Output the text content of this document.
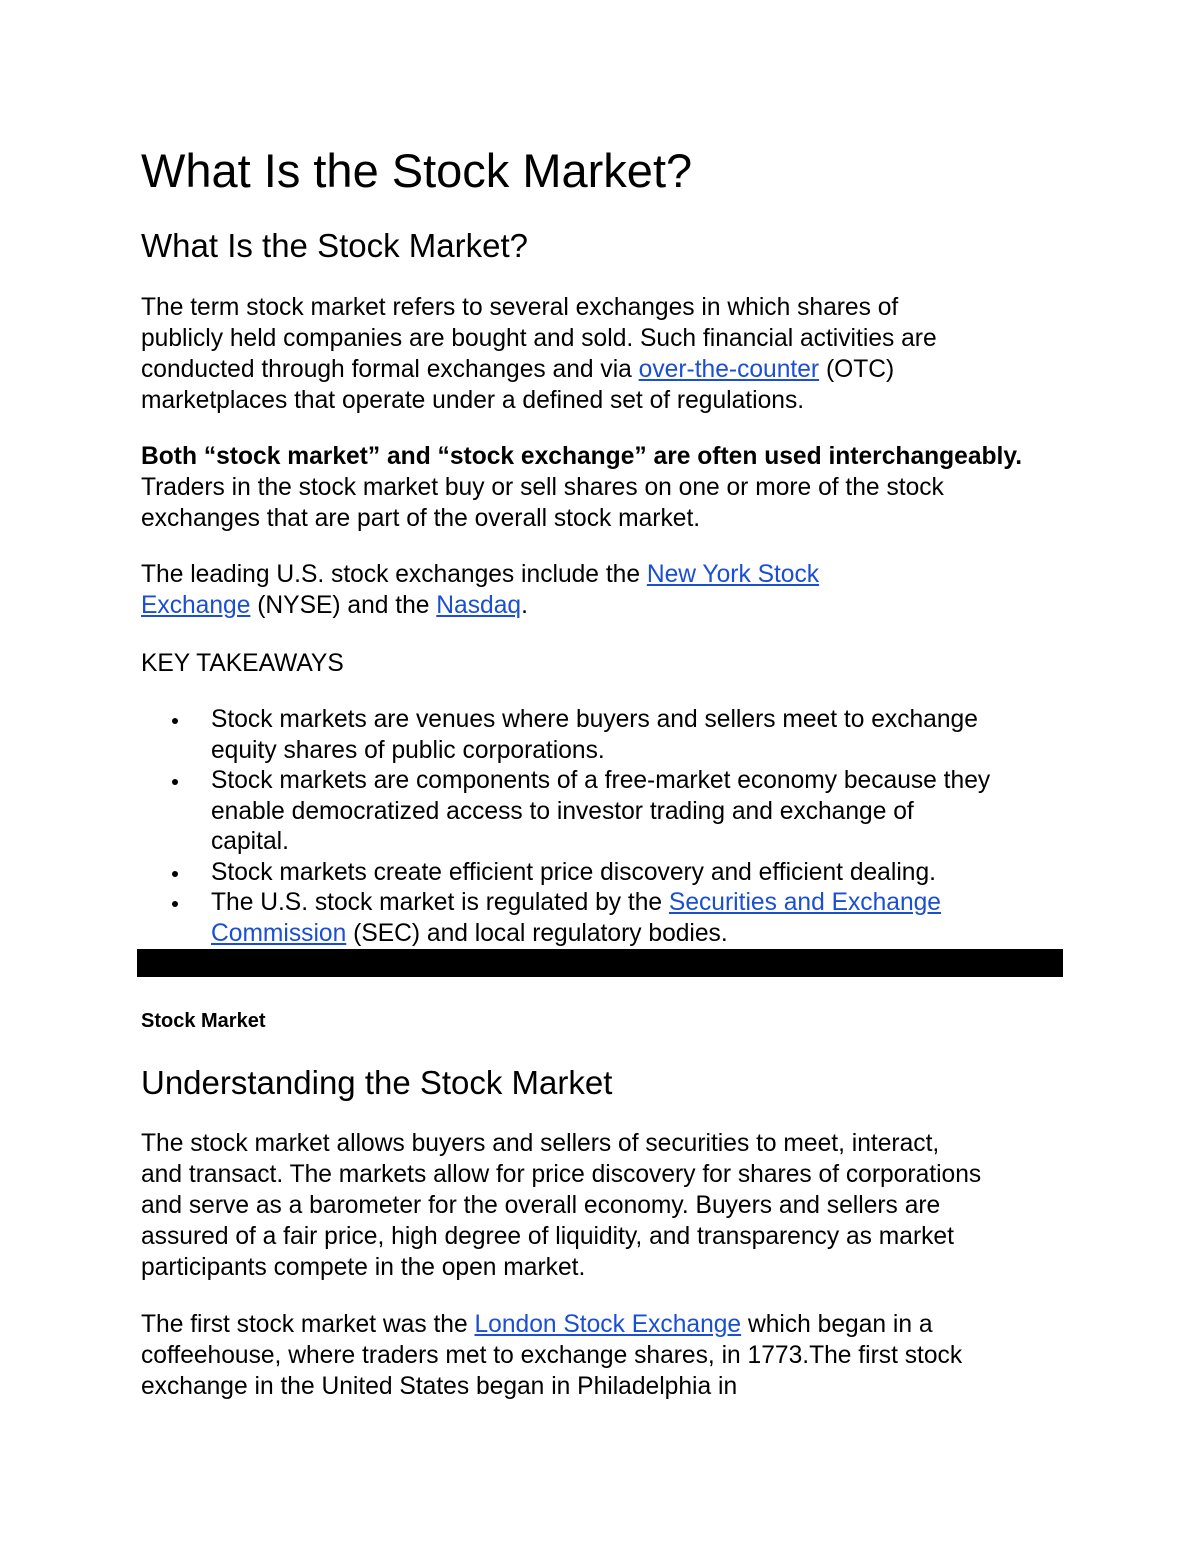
What Is the Stock Market?
What Is the Stock Market?

The term stock market refers to several exchanges in which shares of
publicly held companies are bought and sold. Such financial activities are
conducted through formal exchanges and via over-the-counter (OTC)
marketplaces that operate under a defined set of regulations.

Both “stock market” and “stock exchange” are often used interchangeably.
Traders in the stock market buy or sell shares on one or more of the stock
exchanges that are part of the overall stock market.

The leading U.S. stock exchanges include the New York Stock
Exchange (NYSE) and the Nasdaq.

KEY TAKEAWAYS

Stock markets are venues where buyers and sellers meet to exchange
equity shares of public corporations.
Stock markets are components of a free-market economy because they
enable democratized access to investor trading and exchange of
capital.
Stock markets create efficient price discovery and efficient dealing.
The U.S. stock market is regulated by the Securities and Exchange
Commission (SEC) and local regulatory bodies.

Stock Market

Understanding the Stock Market

The stock market allows buyers and sellers of securities to meet, interact,
and transact. The markets allow for price discovery for shares of corporations
and serve as a barometer for the overall economy. Buyers and sellers are
assured of a fair price, high degree of liquidity, and transparency as market
participants compete in the open market.

The first stock market was the London Stock Exchange which began in a
coffeehouse, where traders met to exchange shares, in 1773.The first stock
exchange in the United States began in Philadelphia in
